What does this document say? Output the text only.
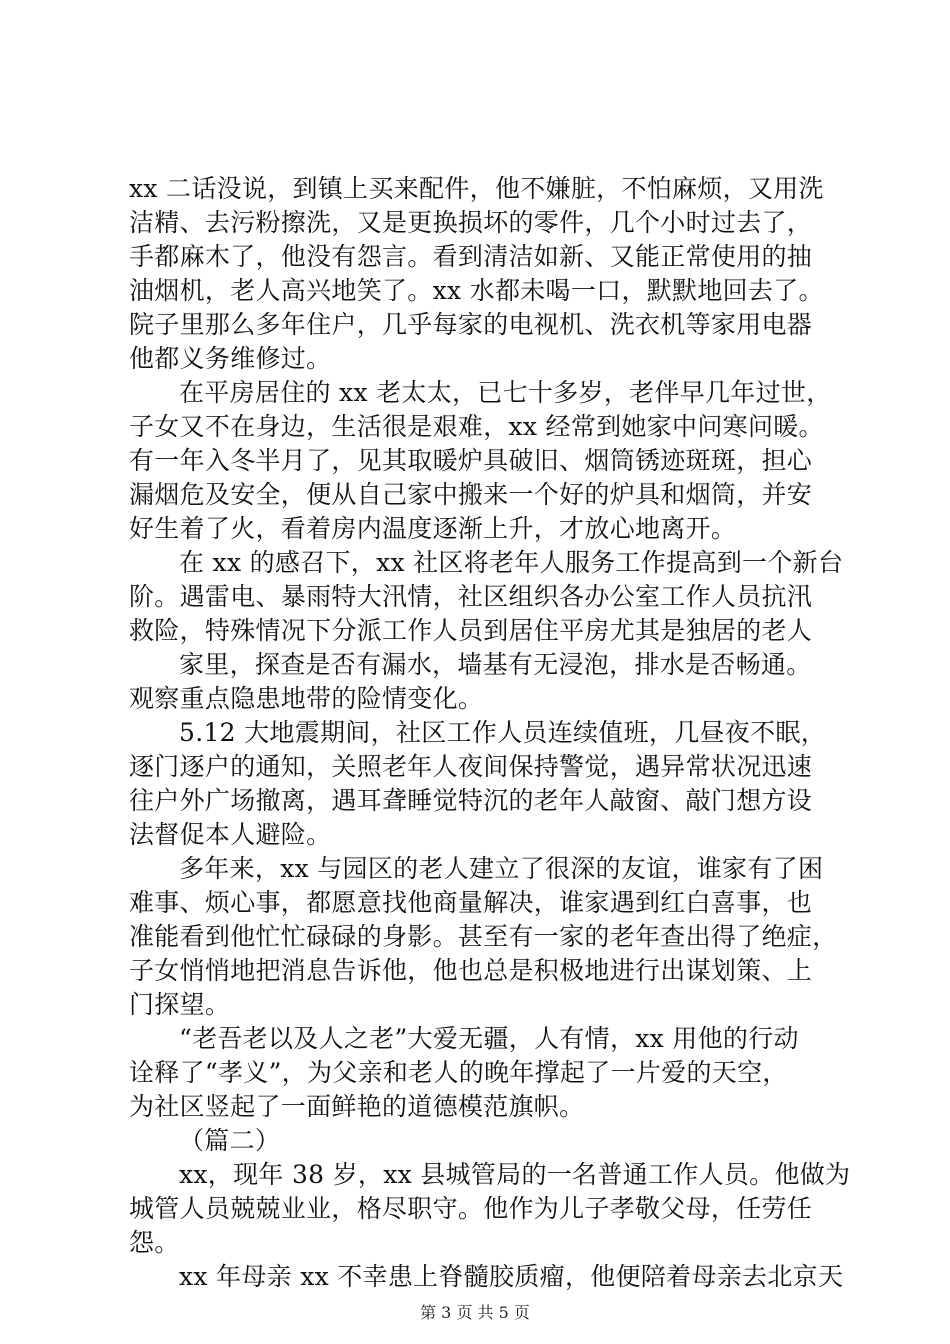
xx 二话没说，到镇上买来配件，他不嫌脏，不怕麻烦，又用洗
洁精、去污粉擦洗，又是更换损坏的零件，几个小时过去了，
手都麻木了，他没有怨言。看到清洁如新、又能正常使用的抽
油烟机，老人高兴地笑了。xx 水都未喝一口，默默地回去了。
院子里那么多年住户，几乎每家的电视机、洗衣机等家用电器
他都义务维修过。
在平房居住的 xx 老太太，已七十多岁，老伴早几年过世，
子女又不在身边，生活很是艰难，xx 经常到她家中问寒问暖。
有一年入冬半月了，见其取暖炉具破旧、烟筒锈迹斑斑，担心
漏烟危及安全，便从自己家中搬来一个好的炉具和烟筒，并安
好生着了火，看着房内温度逐渐上升，才放心地离开。
在 xx 的感召下，xx 社区将老年人服务工作提高到一个新台
阶。遇雷电、暴雨特大汛情，社区组织各办公室工作人员抗汛
救险，特殊情况下分派工作人员到居住平房尤其是独居的老人
家里，探查是否有漏水，墙基有无浸泡，排水是否畅通。
观察重点隐患地带的险情变化。
5.12 大地震期间，社区工作人员连续值班，几昼夜不眠，
逐门逐户的通知，关照老年人夜间保持警觉，遇异常状况迅速
往户外广场撤离，遇耳聋睡觉特沉的老年人敲窗、敲门想方设
法督促本人避险。
多年来，xx 与园区的老人建立了很深的友谊，谁家有了困
难事、烦心事，都愿意找他商量解决，谁家遇到红白喜事，也
准能看到他忙忙碌碌的身影。甚至有一家的老年查出得了绝症，
子女悄悄地把消息告诉他，他也总是积极地进行出谋划策、上
门探望。
“老吾老以及人之老”大爱无疆，人有情，xx 用他的行动
诠释了“孝义”，为父亲和老人的晚年撑起了一片爱的天空，
为社区竖起了一面鲜艳的道德模范旗帜。
（篇二）
xx，现年 38 岁，xx 县城管局的一名普通工作人员。他做为
城管人员兢兢业业，格尽职守。他作为儿子孝敬父母，任劳任
怨。
xx 年母亲 xx 不幸患上脊髓胶质瘤，他便陪着母亲去北京天
第 3 页 共 5 页
